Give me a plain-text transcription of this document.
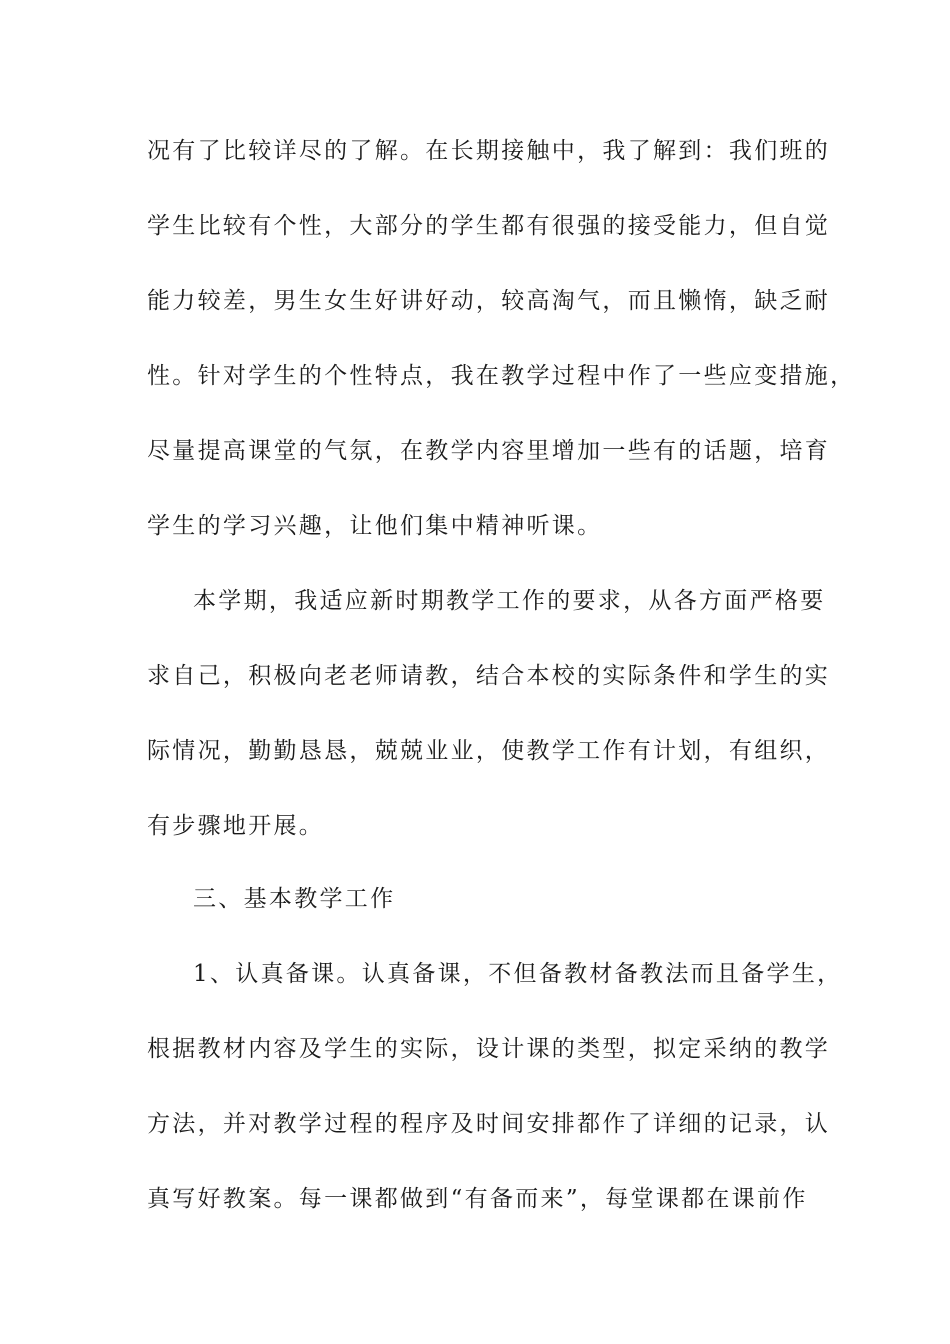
况有了比较详尽的了解。在长期接触中，我了解到：我们班的
学生比较有个性，大部分的学生都有很强的接受能力，但自觉
能力较差，男生女生好讲好动，较高淘气，而且懒惰，缺乏耐
性。针对学生的个性特点，我在教学过程中作了一些应变措施，
尽量提高课堂的气氛，在教学内容里增加一些有的话题，培育
学生的学习兴趣，让他们集中精神听课。
本学期，我适应新时期教学工作的要求，从各方面严格要
求自己，积极向老老师请教，结合本校的实际条件和学生的实
际情况，勤勤恳恳，兢兢业业，使教学工作有计划，有组织，
有步骤地开展。
三、基本教学工作
1、认真备课。认真备课，不但备教材备教法而且备学生，
根据教材内容及学生的实际，设计课的类型，拟定采纳的教学
方法，并对教学过程的程序及时间安排都作了详细的记录，认
真写好教案。每一课都做到“有备而来”，每堂课都在课前作
